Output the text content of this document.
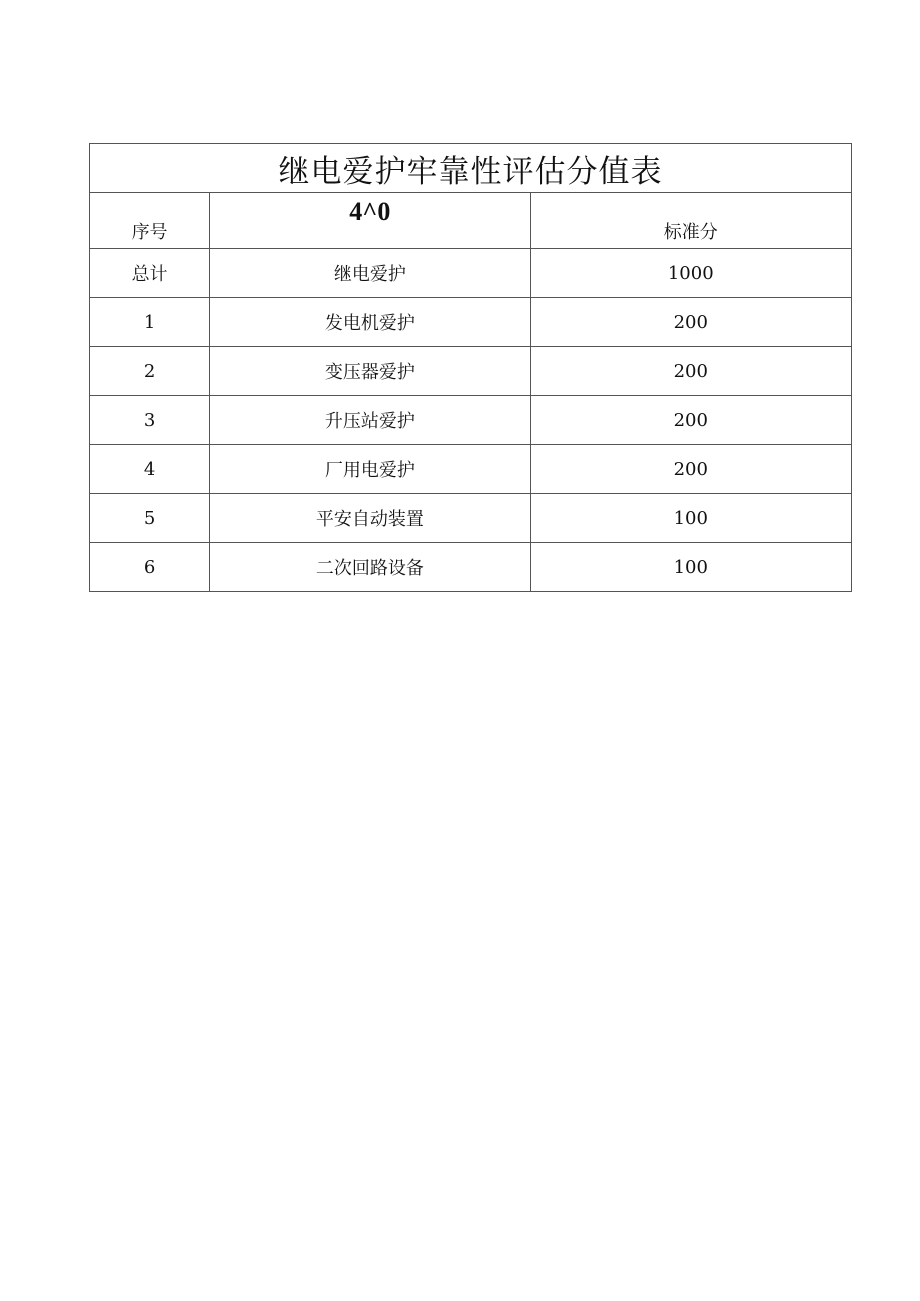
继电爱护牢靠性评估分值表		
序号	4^0	标准分
总计	继电爱护	1000
1	发电机爱护	200
2	变压器爱护	200
3	升压站爱护	200
4	厂用电爱护	200
5	平安自动装置	100
6	二次回路设备	100
